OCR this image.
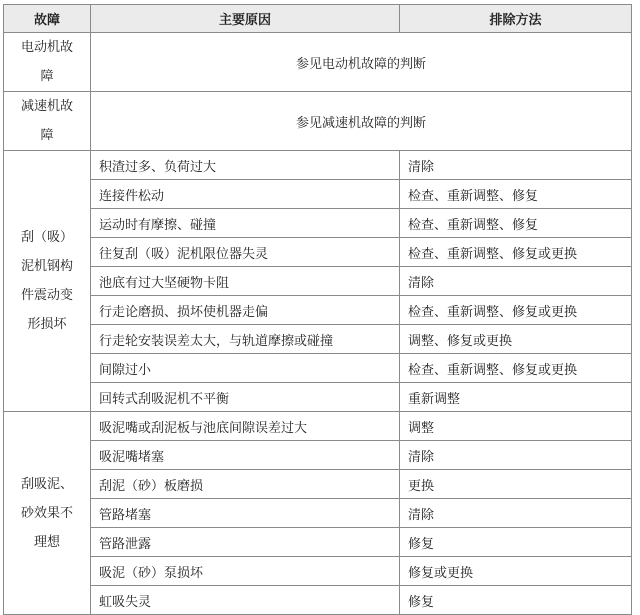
故障	主要原因	排除方法
电动机故障	参见电动机故障的判断	
减速机故障	参见减速机故障的判断	
刮（吸）泥机钢构件震动变形损坏	积渣过多、负荷过大	清除
	连接件松动	检查、重新调整、修复
	运动时有摩擦、碰撞	检查、重新调整、修复
	往复刮（吸）泥机限位器失灵	检查、重新调整、修复或更换
	池底有过大坚硬物卡阻	清除
	行走论磨损、损坏使机器走偏	检查、重新调整、修复或更换
	行走轮安装误差太大，与轨道摩擦或碰撞	调整、修复或更换
	间隙过小	检查、重新调整、修复或更换
	回转式刮吸泥机不平衡	重新调整
刮吸泥、砂效果不理想	吸泥嘴或刮泥板与池底间隙误差过大	调整
	吸泥嘴堵塞	清除
	刮泥（砂）板磨损	更换
	管路堵塞	清除
	管路泄露	修复
	吸泥（砂）泵损坏	修复或更换
	虹吸失灵	修复
